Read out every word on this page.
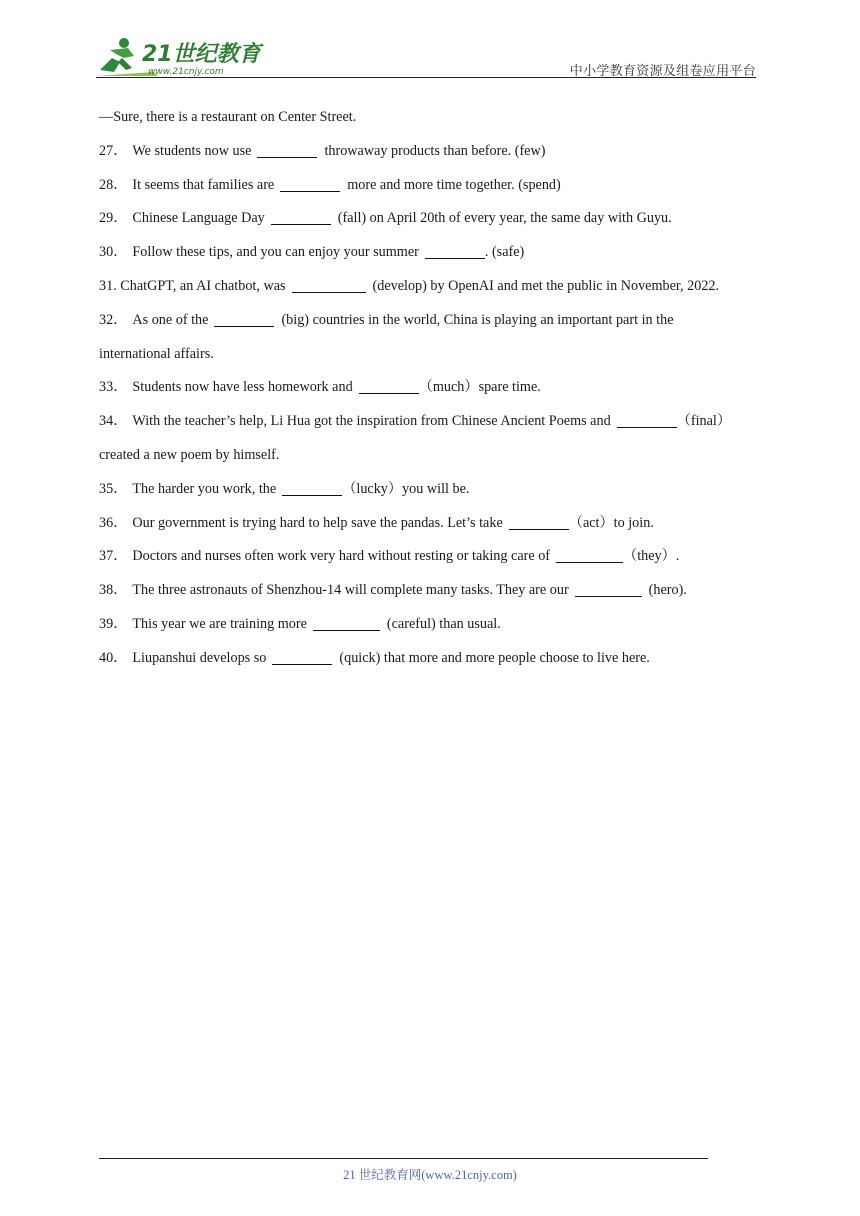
21世纪教育
www.21cnjy.com	中小学教育资源及组卷应用平台
—Sure, there is a restaurant on Center Street.
27． We students now use	throwaway products than before. (few)
28． It seems that families are	more and more time together. (spend)
29． Chinese Language Day	(fall) on April 20th of every year, the same day with Guyu.
30． Follow these tips, and you can enjoy your summer	. (safe)
31. ChatGPT, an AI chatbot, was	(develop) by OpenAI and met the public in November, 2022.
32． As one of the	(big) countries in the world, China is playing an important part in the
international affairs.
33． Students now have less homework and	（much）spare time.
34． With the teacher’s help, Li Hua got the inspiration from Chinese Ancient Poems and	（final）
created a new poem by himself.
35． The harder you work, the	（lucky）you will be.
36． Our government is trying hard to help save the pandas. Let’s take	（act）to join.
37． Doctors and nurses often work very hard without resting or taking care of	（they）.
38． The three astronauts of Shenzhou-14 will complete many tasks. They are our	(hero).
39． This year we are training more	(careful) than usual.
40． Liupanshui develops so	(quick) that more and more people choose to live here.
21 世纪教育网(www.21cnjy.com)
